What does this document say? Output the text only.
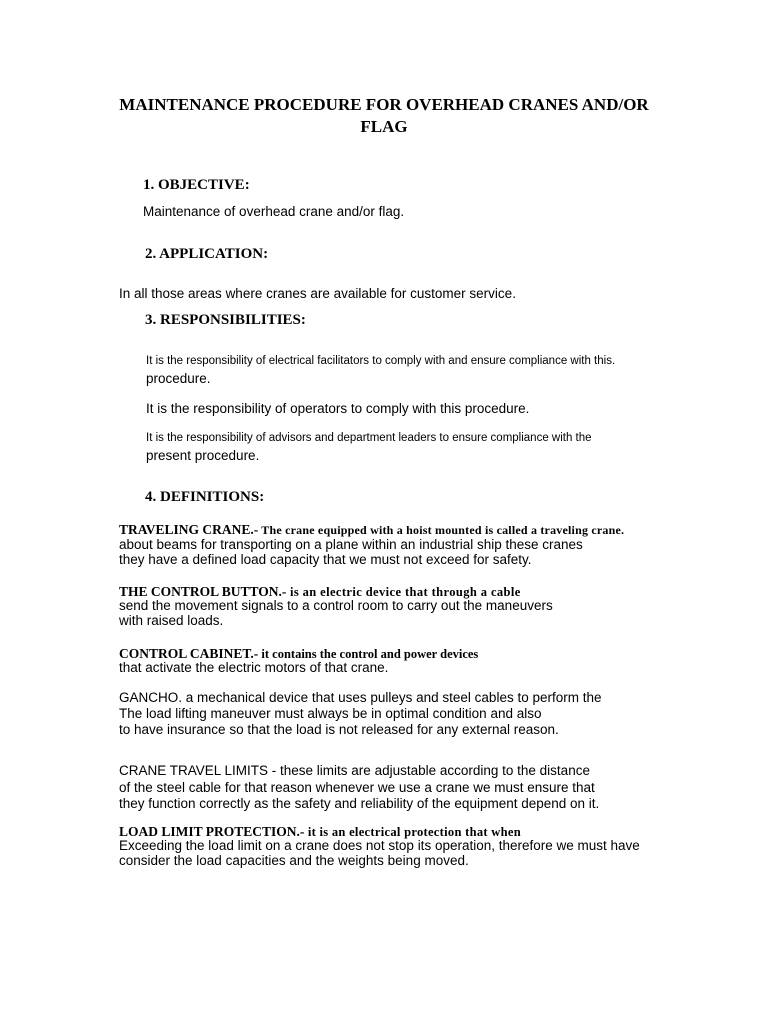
MAINTENANCE PROCEDURE FOR OVERHEAD CRANES AND/OR
FLAG
1. OBJECTIVE:
Maintenance of overhead crane and/or flag.
2. APPLICATION:
In all those areas where cranes are available for customer service.
3. RESPONSIBILITIES:
It is the responsibility of electrical facilitators to comply with and ensure compliance with this.
procedure.
It is the responsibility of operators to comply with this procedure.
It is the responsibility of advisors and department leaders to ensure compliance with the
present procedure.
4. DEFINITIONS:
TRAVELING CRANE.- The crane equipped with a hoist mounted is called a traveling crane.
about beams for transporting on a plane within an industrial ship these cranes
they have a defined load capacity that we must not exceed for safety.
THE CONTROL BUTTON.- is an electric device that through a cable
send the movement signals to a control room to carry out the maneuvers
with raised loads.
CONTROL CABINET.- it contains the control and power devices
that activate the electric motors of that crane.
GANCHO. a mechanical device that uses pulleys and steel cables to perform the
The load lifting maneuver must always be in optimal condition and also
to have insurance so that the load is not released for any external reason.
CRANE TRAVEL LIMITS - these limits are adjustable according to the distance
of the steel cable for that reason whenever we use a crane we must ensure that
they function correctly as the safety and reliability of the equipment depend on it.
LOAD LIMIT PROTECTION.- it is an electrical protection that when
Exceeding the load limit on a crane does not stop its operation, therefore we must have
consider the load capacities and the weights being moved.
